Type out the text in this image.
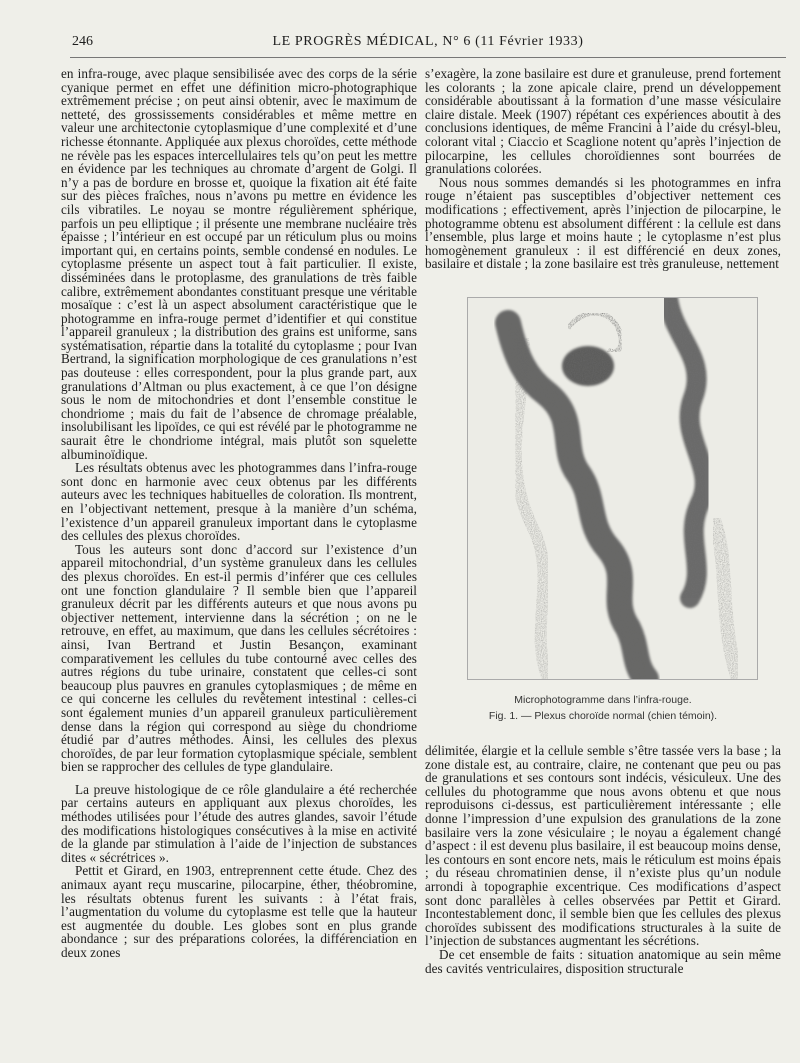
246	LE PROGRÈS MÉDICAL, N° 6 (11 Février 1933)

en infra-rouge, avec plaque sensibilisée avec des corps de la série cyanique permet en effet une définition micro-photographique extrêmement précise ; on peut ainsi obtenir, avec le maximum de netteté, des grossissements considérables et même mettre en valeur une architectonie cytoplasmique d’une complexité et d’une richesse étonnante. Appliquée aux plexus choroïdes, cette méthode ne révèle pas les espaces intercellulaires tels qu’on peut les mettre en évidence par les techniques au chromate d’argent de Golgi. Il n’y a pas de bordure en brosse et, quoique la fixation ait été faite sur des pièces fraîches, nous n’avons pu mettre en évidence les cils vibratiles. Le noyau se montre régulièrement sphérique, parfois un peu elliptique ; il présente une membrane nucléaire très épaisse ; l’intérieur en est occupé par un réticulum plus ou moins important qui, en certains points, semble condensé en nodules. Le cytoplasme présente un aspect tout à fait particulier. Il existe, disséminées dans le protoplasme, des granulations de très faible calibre, extrêmement abondantes constituant presque une véritable mosaïque : c’est là un aspect absolument caractéristique que le photogramme en infra-rouge permet d’identifier et qui constitue l’appareil granuleux ; la distribution des grains est uniforme, sans systématisation, répartie dans la totalité du cytoplasme ; pour Ivan Bertrand, la signification morphologique de ces granulations n’est pas douteuse : elles correspondent, pour la plus grande part, aux granulations d’Altman ou plus exactement, à ce que l’on désigne sous le nom de mitochondries et dont l’ensemble constitue le chondriome ; mais du fait de l’absence de chromage préalable, insolubilisant les lipoïdes, ce qui est révélé par le photogramme ne saurait être le chondriome intégral, mais plutôt son squelette albuminoïdique.

Les résultats obtenus avec les photogrammes dans l’infra-rouge sont donc en harmonie avec ceux obtenus par les différents auteurs avec les techniques habituelles de coloration. Ils montrent, en l’objectivant nettement, presque à la manière d’un schéma, l’existence d’un appareil granuleux important dans le cytoplasme des cellules des plexus choroïdes.

Tous les auteurs sont donc d’accord sur l’existence d’un appareil mitochondrial, d’un système granuleux dans les cellules des plexus choroïdes. En est-il permis d’inférer que ces cellules ont une fonction glandulaire ? Il semble bien que l’appareil granuleux décrit par les différents auteurs et que nous avons pu objectiver nettement, intervienne dans la sécrétion ; on ne le retrouve, en effet, au maximum, que dans les cellules sécrétoires : ainsi, Ivan Bertrand et Justin Besançon, examinant comparativement les cellules du tube contourné avec celles des autres régions du tube urinaire, constatent que celles-ci sont beaucoup plus pauvres en granules cytoplasmiques ; de même en ce qui concerne les cellules du revêtement intestinal : celles-ci sont également munies d’un appareil granuleux particulièrement dense dans la région qui correspond au siège du chondriome étudié par d’autres méthodes. Ainsi, les cellules des plexus choroïdes, de par leur formation cytoplasmique spéciale, semblent bien se rapprocher des cellules de type glandulaire.

La preuve histologique de ce rôle glandulaire a été recherchée par certains auteurs en appliquant aux plexus choroïdes, les méthodes utilisées pour l’étude des autres glandes, savoir l’étude des modifications histologiques consécutives à la mise en activité de la glande par stimulation à l’aide de l’injection de substances dites « sécrétrices ».

Pettit et Girard, en 1903, entreprennent cette étude. Chez des animaux ayant reçu muscarine, pilocarpine, éther, théobromine, les résultats obtenus furent les suivants : à l’état frais, l’augmentation du volume du cytoplasme est telle que la hauteur est augmentée du double. Les globes sont en plus grande abondance ; sur des préparations colorées, la différenciation en deux zones

s’exagère, la zone basilaire est dure et granuleuse, prend fortement les colorants ; la zone apicale claire, prend un développement considérable aboutissant à la formation d’une masse vésiculaire claire distale. Meek (1907) répétant ces expériences aboutit à des conclusions identiques, de même Francini à l’aide du crésyl-bleu, colorant vital ; Ciaccio et Scaglione notent qu’après l’injection de pilocarpine, les cellules choroïdiennes sont bourrées de granulations colorées.

Nous nous sommes demandés si les photogrammes en infra rouge n’étaient pas susceptibles d’objectiver nettement ces modifications ; effectivement, après l’injection de pilocarpine, le photogramme obtenu est absolument différent : la cellule est dans l’ensemble, plus large et moins haute ; le cytoplasme n’est plus homogènement granuleux : il est différencié en deux zones, basilaire et distale ; la zone basilaire est très granuleuse, nettement

Microphotogramme dans l’infra-rouge.
Fig. 1. — Plexus choroïde normal (chien témoin).

délimitée, élargie et la cellule semble s’être tassée vers la base ; la zone distale est, au contraire, claire, ne contenant que peu ou pas de granulations et ses contours sont indécis, vésiculeux. Une des cellules du photogramme que nous avons obtenu et que nous reproduisons ci-dessus, est particulièrement intéressante ; elle donne l’impression d’une expulsion des granulations de la zone basilaire vers la zone vésiculaire ; le noyau a également changé d’aspect : il est devenu plus basilaire, il est beaucoup moins dense, les contours en sont encore nets, mais le réticulum est moins épais ; du réseau chromatinien dense, il n’existe plus qu’un nodule arrondi à topographie excentrique. Ces modifications d’aspect sont donc parallèles à celles observées par Pettit et Girard. Incontestablement donc, il semble bien que les cellules des plexus choroïdes subissent des modifications structurales à la suite de l’injection de substances augmentant les sécrétions.

De cet ensemble de faits : situation anatomique au sein même des cavités ventriculaires, disposition structurale
